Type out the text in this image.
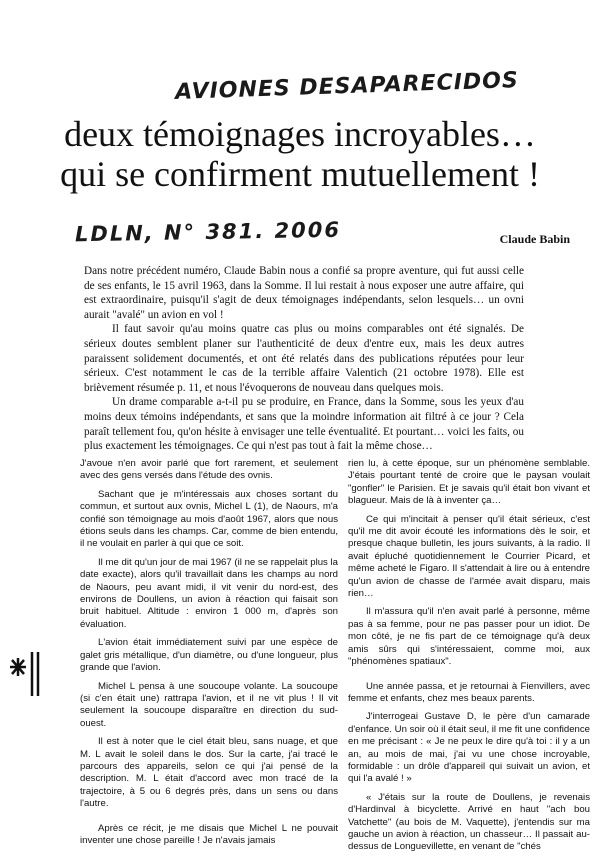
AVIONES DESAPARECIDOS
deux témoignages incroyables…
qui se confirment mutuellement !
LDLN, N° 381. 2006	Claude Babin

Dans notre précédent numéro, Claude Babin nous a confié sa propre aventure, qui fut aussi celle de ses enfants, le 15 avril 1963, dans la Somme. Il lui restait à nous exposer une autre affaire, qui est extraordinaire, puisqu'il s'agit de deux témoignages indépendants, selon lesquels… un ovni aurait "avalé" un avion en vol !

Il faut savoir qu'au moins quatre cas plus ou moins comparables ont été signalés. De sérieux doutes semblent planer sur l'authenticité de deux d'entre eux, mais les deux autres paraissent solidement documentés, et ont été relatés dans des publications réputées pour leur sérieux. C'est notamment le cas de la terrible affaire Valentich (21 octobre 1978). Elle est brièvement résumée p. 11, et nous l'évoquerons de nouveau dans quelques mois.

Un drame comparable a-t-il pu se produire, en France, dans la Somme, sous les yeux d'au moins deux témoins indépendants, et sans que la moindre information ait filtré à ce jour ? Cela paraît tellement fou, qu'on hésite à envisager une telle éventualité. Et pourtant… voici les faits, ou plus exactement les témoignages. Ce qui n'est pas tout à fait la même chose…

J'avoue n'en avoir parlé que fort rarement, et seulement avec des gens versés dans l'étude des ovnis.

Sachant que je m'intéressais aux choses sortant du commun, et surtout aux ovnis, Michel L (1), de Naours, m'a confié son témoignage au mois d'août 1967, alors que nous étions seuls dans les champs. Car, comme de bien entendu, il ne voulait en parler à qui que ce soit.

Il me dit qu'un jour de mai 1967 (il ne se rappelait plus la date exacte), alors qu'il travaillait dans les champs au nord de Naours, peu avant midi, il vit venir du nord-est, des environs de Doullens, un avion à réaction qui faisait son bruit habituel. Altitude : environ 1 000 m, d'après son évaluation.

L'avion était immédiatement suivi par une espèce de galet gris métallique, d'un diamètre, ou d'une longueur, plus grande que l'avion.

Michel L pensa à une soucoupe volante. La soucoupe (si c'en était une) rattrapa l'avion, et il ne vit plus ! Il vit seulement la soucoupe disparaître en direction du sud-ouest.

Il est à noter que le ciel était bleu, sans nuage, et que M. L avait le soleil dans le dos. Sur la carte, j'ai tracé le parcours des appareils, selon ce qui j'ai pensé de la description. M. L était d'accord avec mon tracé de la trajectoire, à 5 ou 6 degrés près, dans un sens ou dans l'autre.

Après ce récit, je me disais que Michel L ne pouvait inventer une chose pareille ! Je n'avais jamais

rien lu, à cette époque, sur un phénomène semblable. J'étais pourtant tenté de croire que le paysan voulait "gonfler" le Parisien. Et je savais qu'il était bon vivant et blagueur. Mais de là à inventer ça…

Ce qui m'incitait à penser qu'il était sérieux, c'est qu'il me dit avoir écouté les informations dès le soir, et presque chaque bulletin, les jours suivants, à la radio. Il avait épluché quotidiennement le Courrier Picard, et même acheté le Figaro. Il s'attendait à lire ou à entendre qu'un avion de chasse de l'armée avait disparu, mais rien…

Il m'assura qu'il n'en avait parlé à personne, même pas à sa femme, pour ne pas passer pour un idiot. De mon côté, je ne fis part de ce témoignage qu'à deux amis sûrs qui s'intéressaient, comme moi, aux "phénomènes spatiaux".

Une année passa, et je retournai à Fienvillers, avec femme et enfants, chez mes beaux parents.

J'interrogeai Gustave D, le père d'un camarade d'enfance. Un soir où il était seul, il me fit une confidence en me précisant : « Je ne peux le dire qu'à toi : il y a un an, au mois de mai, j'ai vu une chose incroyable, formidable : un drôle d'appareil qui suivait un avion, et qui l'a avalé ! »

« J'étais sur la route de Doullens, je revenais d'Hardinval à bicyclette. Arrivé en haut "ach bou Vatchette" (au bois de M. Vaquette), j'entendis sur ma gauche un avion à réaction, un chasseur… Il passait au-dessus de Longuevillette, en venant de "chés
